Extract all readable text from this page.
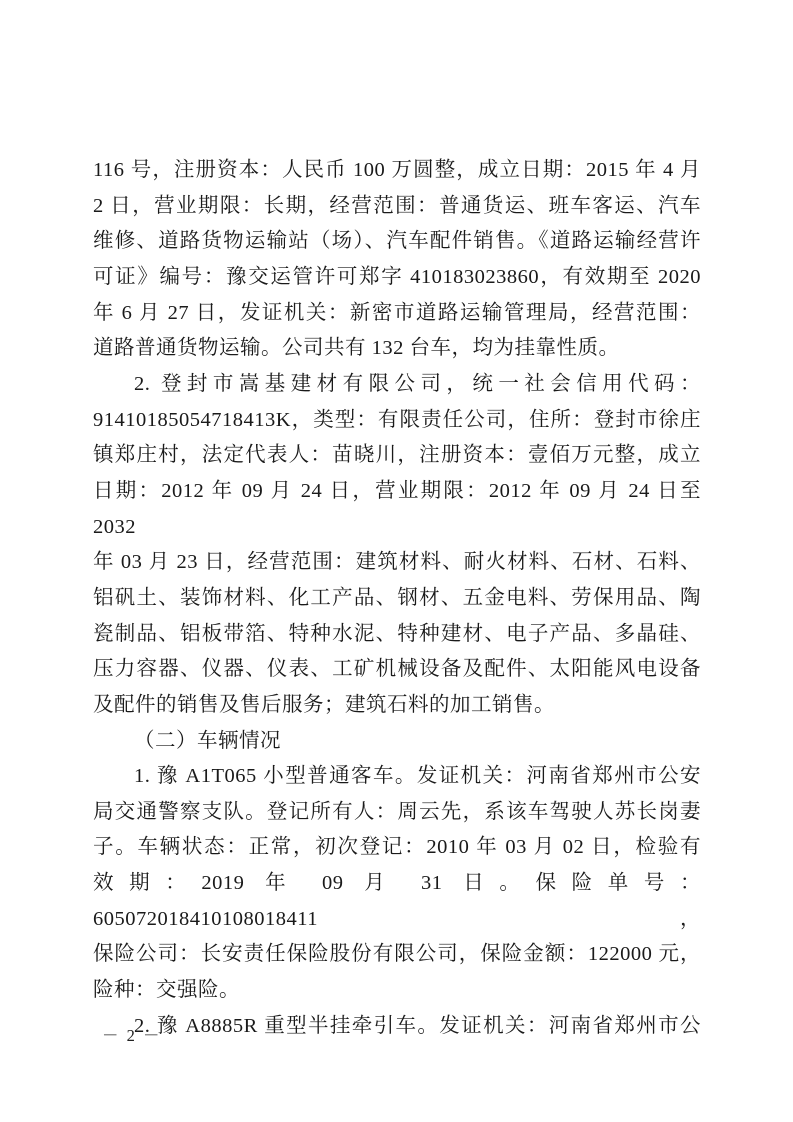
116 号，注册资本：人民币 100 万圆整，成立日期：2015 年 4 月
2 日，营业期限：长期，经营范围：普通货运、班车客运、汽车
维修、道路货物运输站（场）、汽车配件销售。《道路运输经营许
可证》编号：豫交运管许可郑字 410183023860，有效期至 2020
年 6 月 27 日，发证机关：新密市道路运输管理局，经营范围：
道路普通货物运输。公司共有 132 台车，均为挂靠性质。
2. 登封市嵩基建材有限公司，统一社会信用代码：
91410185054718413K，类型：有限责任公司，住所：登封市徐庄
镇郑庄村，法定代表人：苗晓川，注册资本：壹佰万元整，成立
日期：2012 年 09 月 24 日，营业期限：2012 年 09 月 24 日至 2032
年 03 月 23 日，经营范围：建筑材料、耐火材料、石材、石料、
铝矾土、装饰材料、化工产品、钢材、五金电料、劳保用品、陶
瓷制品、铝板带箔、特种水泥、特种建材、电子产品、多晶硅、
压力容器、仪器、仪表、工矿机械设备及配件、太阳能风电设备
及配件的销售及售后服务；建筑石料的加工销售。
（二）车辆情况
1. 豫 A1T065 小型普通客车。发证机关：河南省郑州市公安
局交通警察支队。登记所有人：周云先，系该车驾驶人苏长岗妻
子。车辆状态：正常，初次登记：2010 年 03 月 02 日，检验有
效期：2019 年 09 月 31 日。保险单号：605072018410108018411，
保险公司：长安责任保险股份有限公司，保险金额：122000 元，
险种：交强险。
2. 豫 A8885R 重型半挂牵引车。发证机关：河南省郑州市公
－ 2 －
